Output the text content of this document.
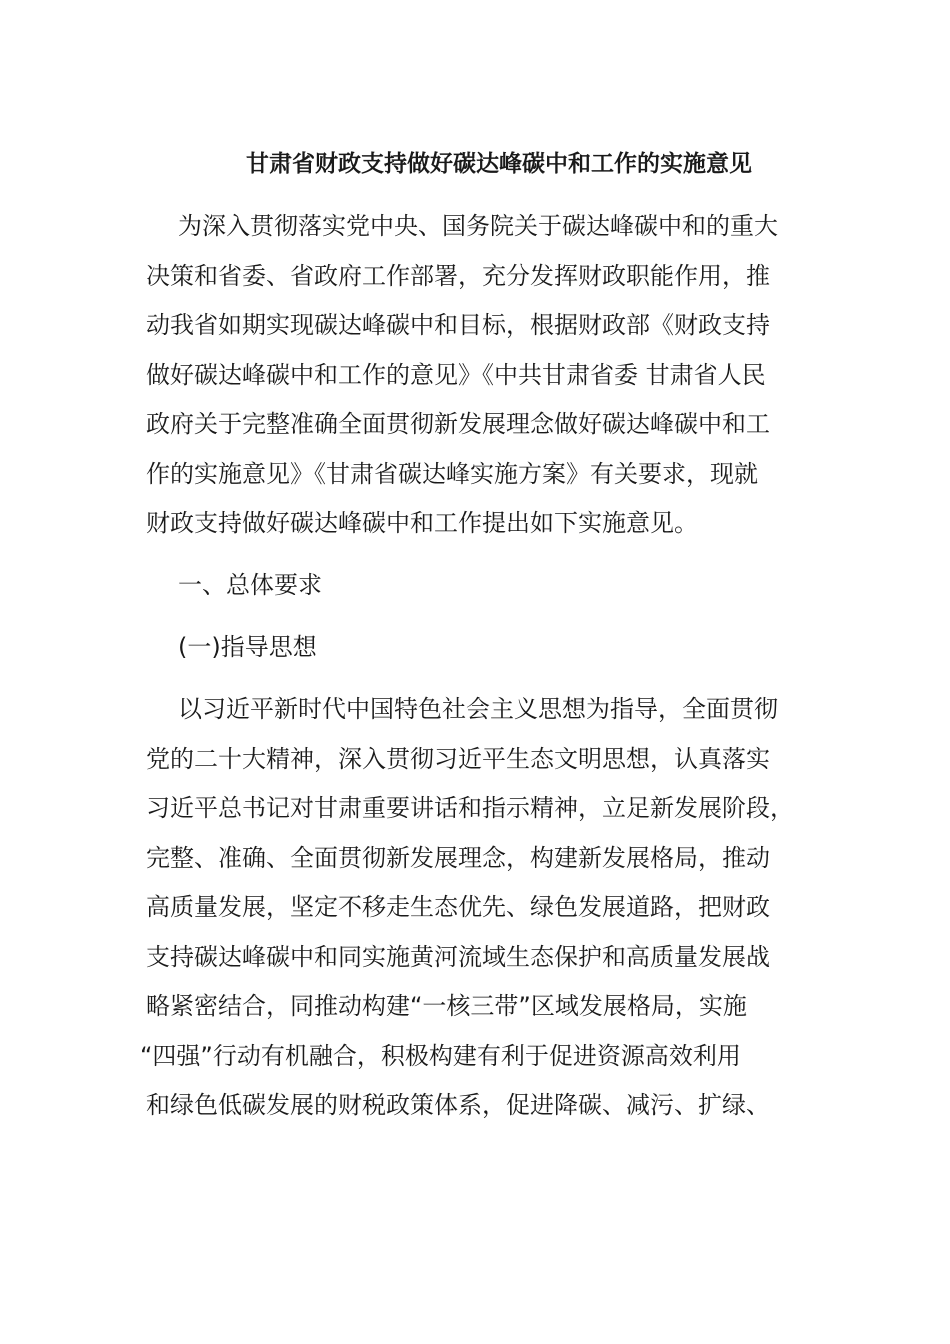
甘肃省财政支持做好碳达峰碳中和工作的实施意见

为深入贯彻落实党中央、国务院关于碳达峰碳中和的重大

决策和省委、省政府工作部署，充分发挥财政职能作用，推

动我省如期实现碳达峰碳中和目标，根据财政部《财政支持

做好碳达峰碳中和工作的意见》《中共甘肃省委 甘肃省人民

政府关于完整准确全面贯彻新发展理念做好碳达峰碳中和工

作的实施意见》《甘肃省碳达峰实施方案》有关要求，现就

财政支持做好碳达峰碳中和工作提出如下实施意见。

一、总体要求

(一)指导思想

以习近平新时代中国特色社会主义思想为指导，全面贯彻

党的二十大精神，深入贯彻习近平生态文明思想，认真落实

习近平总书记对甘肃重要讲话和指示精神，立足新发展阶段，

完整、准确、全面贯彻新发展理念，构建新发展格局，推动

高质量发展，坚定不移走生态优先、绿色发展道路，把财政

支持碳达峰碳中和同实施黄河流域生态保护和高质量发展战

略紧密结合，同推动构建“一核三带”区域发展格局，实施

“四强”行动有机融合，积极构建有利于促进资源高效利用

和绿色低碳发展的财税政策体系，促进降碳、减污、扩绿、
